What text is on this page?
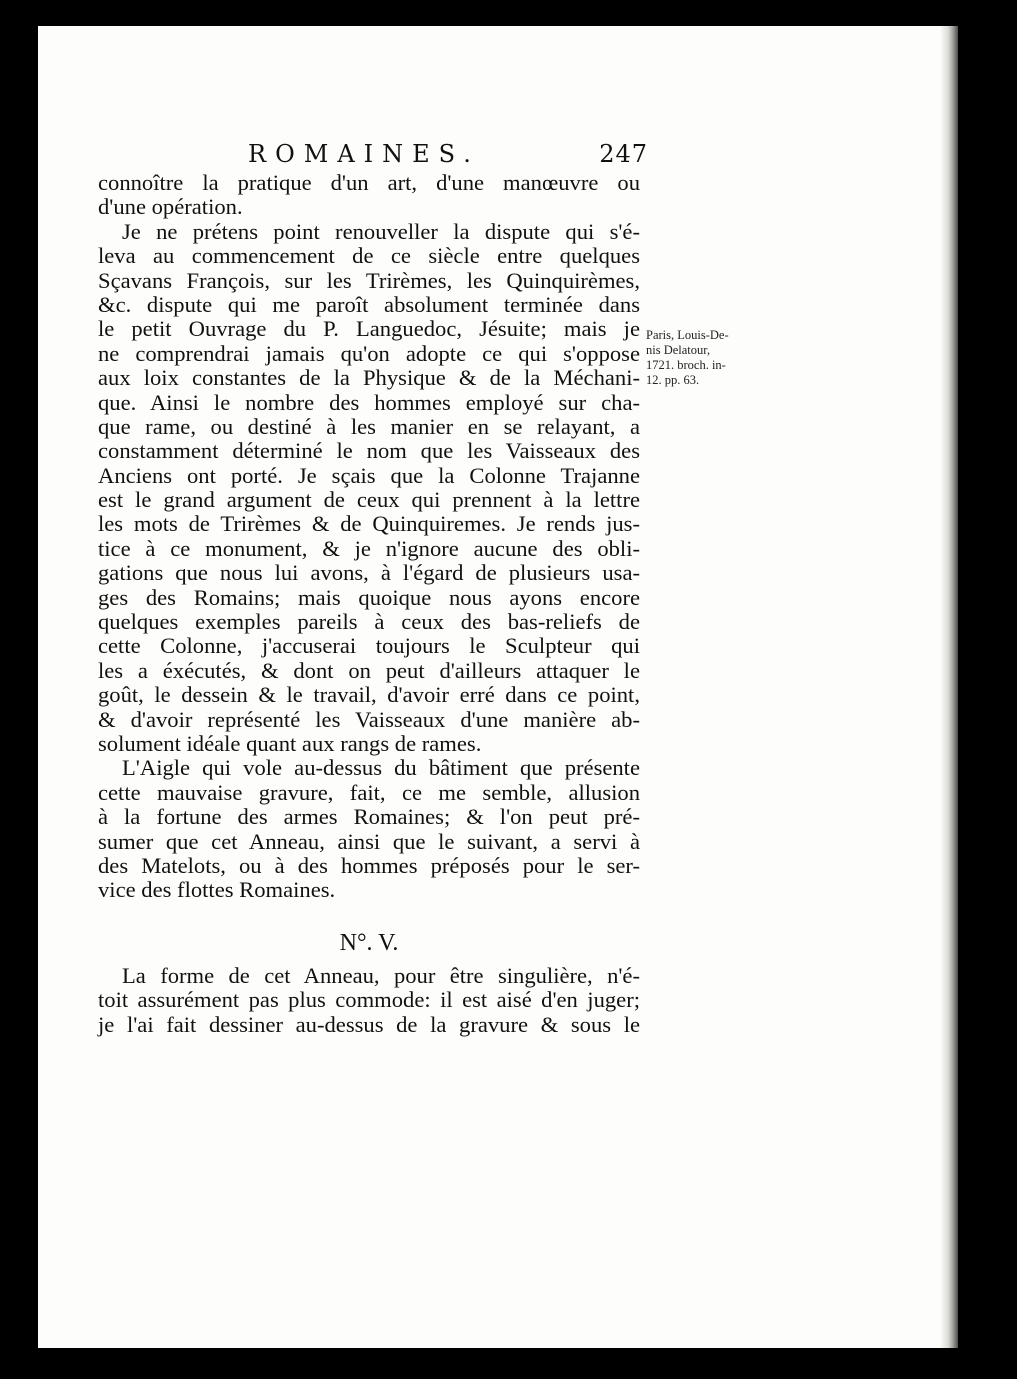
ROMAINES.	247
connoître la pratique d'un art, d'une manœuvre ou
d'une opération.
Je ne prétens point renouveller la dispute qui s'é-
leva au commencement de ce siècle entre quelques
Sçavans François, sur les Trirèmes, les Quinquirèmes,
&c. dispute qui me paroît absolument terminée dans
le petit Ouvrage du P. Languedoc, Jésuite; mais je
ne comprendrai jamais qu'on adopte ce qui s'oppose
aux loix constantes de la Physique & de la Méchani-
que. Ainsi le nombre des hommes employé sur cha-
que rame, ou destiné à les manier en se relayant, a
constamment déterminé le nom que les Vaisseaux des
Anciens ont porté. Je sçais que la Colonne Trajanne
est le grand argument de ceux qui prennent à la lettre
les mots de Trirèmes & de Quinquiremes. Je rends jus-
tice à ce monument, & je n'ignore aucune des obli-
gations que nous lui avons, à l'égard de plusieurs usa-
ges des Romains; mais quoique nous ayons encore
quelques exemples pareils à ceux des bas-reliefs de
cette Colonne, j'accuserai toujours le Sculpteur qui
les a éxécutés, & dont on peut d'ailleurs attaquer le
goût, le dessein & le travail, d'avoir erré dans ce point,
& d'avoir représenté les Vaisseaux d'une manière ab-
solument idéale quant aux rangs de rames.
L'Aigle qui vole au-dessus du bâtiment que présente
cette mauvaise gravure, fait, ce me semble, allusion
à la fortune des armes Romaines; & l'on peut pré-
sumer que cet Anneau, ainsi que le suivant, a servi à
des Matelots, ou à des hommes préposés pour le ser-
vice des flottes Romaines.
N°. V.
La forme de cet Anneau, pour être singulière, n'é-
toit assurément pas plus commode: il est aisé d'en juger;
je l'ai fait dessiner au-dessus de la gravure & sous le
Paris, Louis-De-
nis Delatour,
1721. broch. in-
12. pp. 63.
